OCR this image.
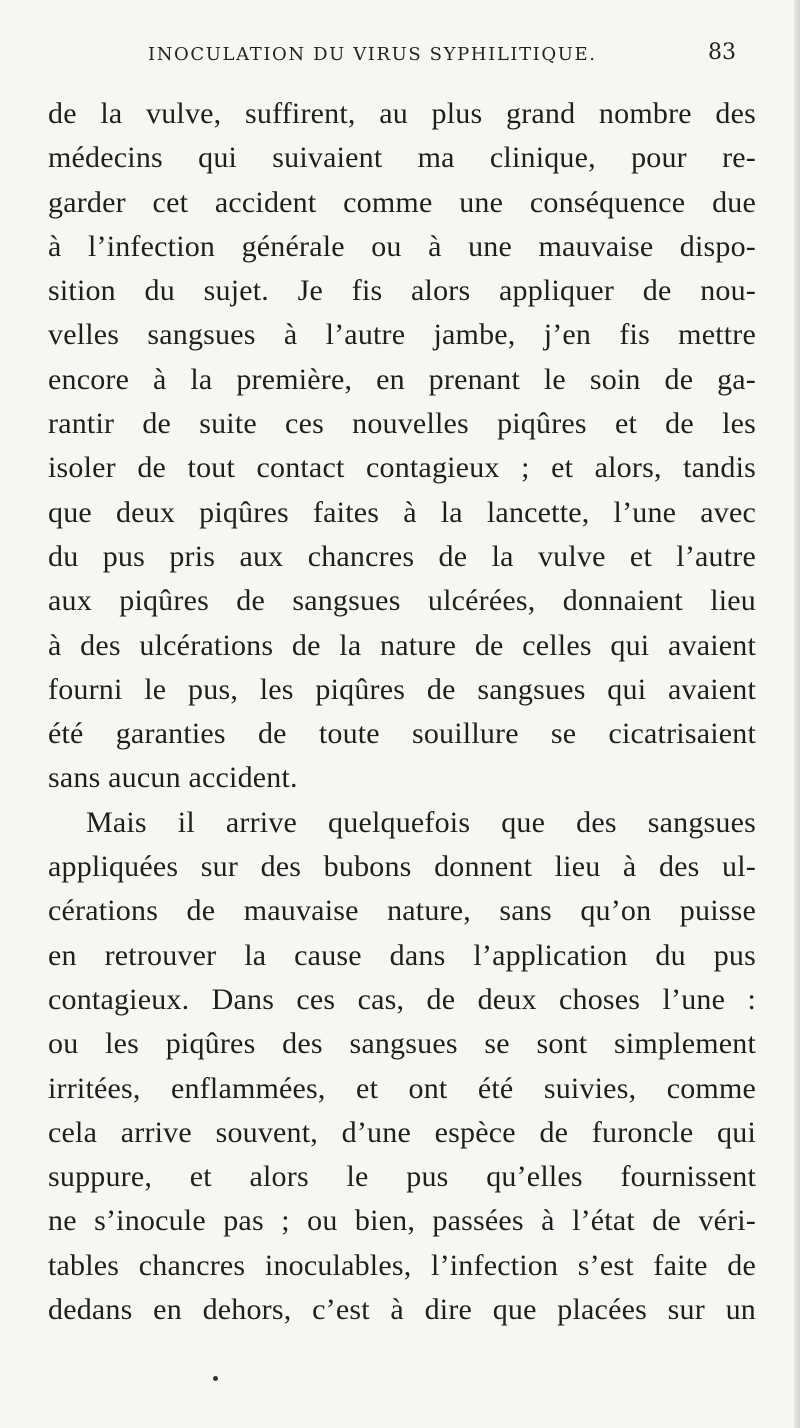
INOCULATION DU VIRUS SYPHILITIQUE.	83
de la vulve, suffirent, au plus grand nombre des
médecins qui suivaient ma clinique, pour re-
garder cet accident comme une conséquence due
à l’infection générale ou à une mauvaise dispo-
sition du sujet. Je fis alors appliquer de nou-
velles sangsues à l’autre jambe, j’en fis mettre
encore à la première, en prenant le soin de ga-
rantir de suite ces nouvelles piqûres et de les
isoler de tout contact contagieux ; et alors, tandis
que deux piqûres faites à la lancette, l’une avec
du pus pris aux chancres de la vulve et l’autre
aux piqûres de sangsues ulcérées, donnaient lieu
à des ulcérations de la nature de celles qui avaient
fourni le pus, les piqûres de sangsues qui avaient
été garanties de toute souillure se cicatrisaient
sans aucun accident.
Mais il arrive quelquefois que des sangsues
appliquées sur des bubons donnent lieu à des ul-
cérations de mauvaise nature, sans qu’on puisse
en retrouver la cause dans l’application du pus
contagieux. Dans ces cas, de deux choses l’une :
ou les piqûres des sangsues se sont simplement
irritées, enflammées, et ont été suivies, comme
cela arrive souvent, d’une espèce de furoncle qui
suppure, et alors le pus qu’elles fournissent
ne s’inocule pas ; ou bien, passées à l’état de véri-
tables chancres inoculables, l’infection s’est faite de
dedans en dehors, c’est à dire que placées sur un
